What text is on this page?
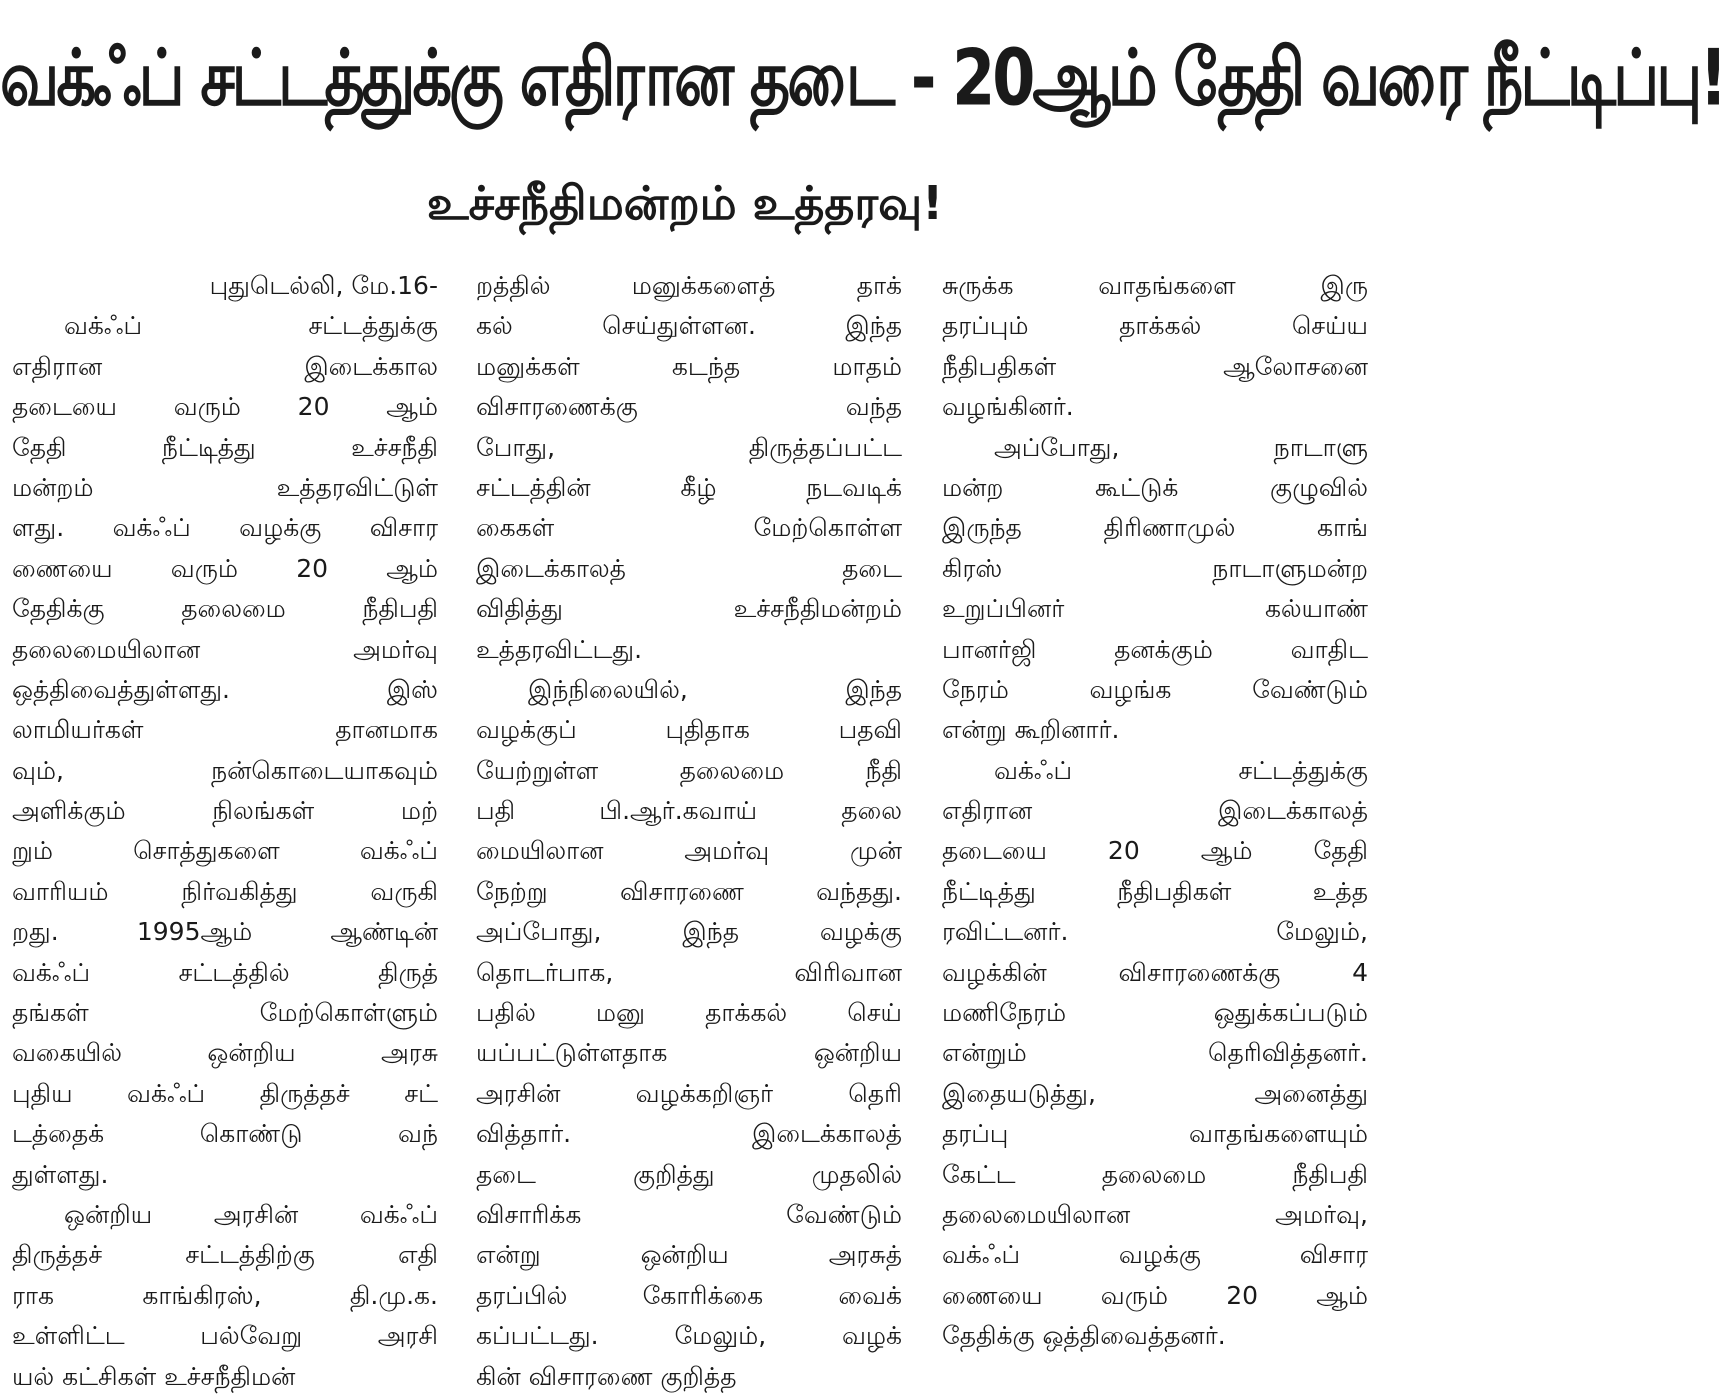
வக்ஃப் சட்டத்துக்கு எதிரான தடை - 20ஆம் தேதி வரை நீட்டிப்பு!
உச்சநீதிமன்றம் உத்தரவு!
புதுடெல்லி, மே.16-
வக்ஃப் சட்டத்துக்கு
எதிரான இடைக்கால
தடையை வரும் 20 ஆம்
தேதி நீட்டித்து உச்சநீதி
மன்றம் உத்தரவிட்டுள்
ளது. வக்ஃப் வழக்கு விசார
ணையை வரும் 20 ஆம்
தேதிக்கு தலைமை நீதிபதி
தலைமையிலான அமர்வு
ஒத்திவைத்துள்ளது. இஸ்
லாமியர்கள் தானமாக
வும், நன்கொடையாகவும்
அளிக்கும் நிலங்கள் மற்
றும் சொத்துகளை வக்ஃப்
வாரியம் நிர்வகித்து வருகி
றது. 1995ஆம் ஆண்டின்
வக்ஃப் சட்டத்தில் திருத்
தங்கள் மேற்கொள்ளும்
வகையில் ஒன்றிய அரசு
புதிய வக்ஃப் திருத்தச் சட்
டத்தைக் கொண்டு வந்
துள்ளது.
ஒன்றிய அரசின் வக்ஃப்
திருத்தச் சட்டத்திற்கு எதி
ராக காங்கிரஸ், தி.மு.க.
உள்ளிட்ட பல்வேறு அரசி
யல் கட்சிகள் உச்சநீதிமன்
றத்தில் மனுக்களைத் தாக்
கல் செய்துள்ளன. இந்த
மனுக்கள் கடந்த மாதம்
விசாரணைக்கு வந்த
போது, திருத்தப்பட்ட
சட்டத்தின் கீழ் நடவடிக்
கைகள் மேற்கொள்ள
இடைக்காலத் தடை
விதித்து உச்சநீதிமன்றம்
உத்தரவிட்டது.
இந்நிலையில், இந்த
வழக்குப் புதிதாக பதவி
யேற்றுள்ள தலைமை நீதி
பதி பி.ஆர்.கவாய் தலை
மையிலான அமர்வு முன்
நேற்று விசாரணை வந்தது.
அப்போது, இந்த வழக்கு
தொடர்பாக, விரிவான
பதில் மனு தாக்கல் செய்
யப்பட்டுள்ளதாக ஒன்றிய
அரசின் வழக்கறிஞர் தெரி
வித்தார். இடைக்காலத்
தடை குறித்து முதலில்
விசாரிக்க வேண்டும்
என்று ஒன்றிய அரசுத்
தரப்பில் கோரிக்கை வைக்
கப்பட்டது. மேலும், வழக்
கின் விசாரணை குறித்த
சுருக்க வாதங்களை இரு
தரப்பும் தாக்கல் செய்ய
நீதிபதிகள் ஆலோசனை
வழங்கினர்.
அப்போது, நாடாளு
மன்ற கூட்டுக் குழுவில்
இருந்த திரிணாமுல் காங்
கிரஸ் நாடாளுமன்ற
உறுப்பினர் கல்யாண்
பானர்ஜி தனக்கும் வாதிட
நேரம் வழங்க வேண்டும்
என்று கூறினார்.
வக்ஃப் சட்டத்துக்கு
எதிரான இடைக்காலத்
தடையை 20 ஆம் தேதி
நீட்டித்து நீதிபதிகள் உத்த
ரவிட்டனர். மேலும்,
வழக்கின் விசாரணைக்கு 4
மணிநேரம் ஒதுக்கப்படும்
என்றும் தெரிவித்தனர்.
இதையடுத்து, அனைத்து
தரப்பு வாதங்களையும்
கேட்ட தலைமை நீதிபதி
தலைமையிலான அமர்வு,
வக்ஃப் வழக்கு விசார
ணையை வரும் 20 ஆம்
தேதிக்கு ஒத்திவைத்தனர்.
